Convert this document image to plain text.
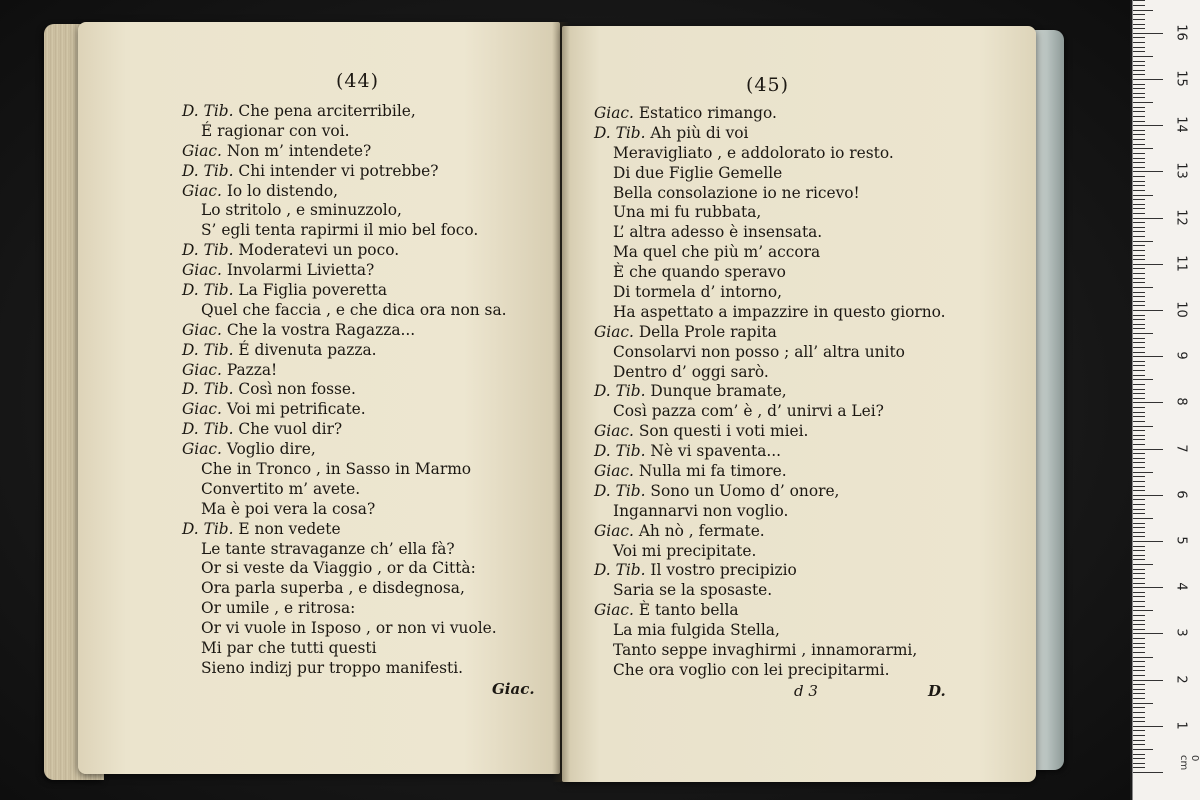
(44)
D. Tib. Che pena arciterribile,
É ragionar con voi.
Giac. Non m’ intendete?
D. Tib. Chi intender vi potrebbe?
Giac. Io lo distendo,
Lo stritolo , e sminuzzolo,
S’ egli tenta rapirmi il mio bel foco.
D. Tib. Moderatevi un poco.
Giac. Involarmi Livietta?
D. Tib. La Figlia poveretta
Quel che faccia , e che dica ora non sa.
Giac. Che la vostra Ragazza...
D. Tib. É divenuta pazza.
Giac. Pazza!
D. Tib. Così non fosse.
Giac. Voi mi petrificate.
D. Tib. Che vuol dir?
Giac. Voglio dire,
Che in Tronco , in Sasso in Marmo
Convertito m’ avete.
Ma è poi vera la cosa?
D. Tib. E non vedete
Le tante stravaganze ch’ ella fà?
Or si veste da Viaggio , or da Città:
Ora parla superba , e disdegnosa,
Or umile , e ritrosa:
Or vi vuole in Isposo , or non vi vuole.
Mi par che tutti questi
Sieno indizj pur troppo manifesti.
Giac.
(45)
Giac. Estatico rimango.
D. Tib. Ah più di voi
Meravigliato , e addolorato io resto.
Di due Figlie Gemelle
Bella consolazione io ne ricevo!
Una mi fu rubbata,
L’ altra adesso è insensata.
Ma quel che più m’ accora
È che quando speravo
Di tormela d’ intorno,
Ha aspettato a impazzire in questo giorno.
Giac. Della Prole rapita
Consolarvi non posso ; all’ altra unito
Dentro d’ oggi sarò.
D. Tib. Dunque bramate,
Così pazza com’ è , d’ unirvi a Lei?
Giac. Son questi i voti miei.
D. Tib. Nè vi spaventa...
Giac. Nulla mi fa timore.
D. Tib. Sono un Uomo d’ onore,
Ingannarvi non voglio.
Giac. Ah nò , fermate.
Voi mi precipitate.
D. Tib. Il vostro precipizio
Saria se la sposaste.
Giac. È tanto bella
La mia fulgida Stella,
Tanto seppe invaghirmi , innamorarmi,
Che ora voglio con lei precipitarmi.
d 3	D.
0 cm
1
2
3
4
5
6
7
8
9
10
11
12
13
14
15
16
